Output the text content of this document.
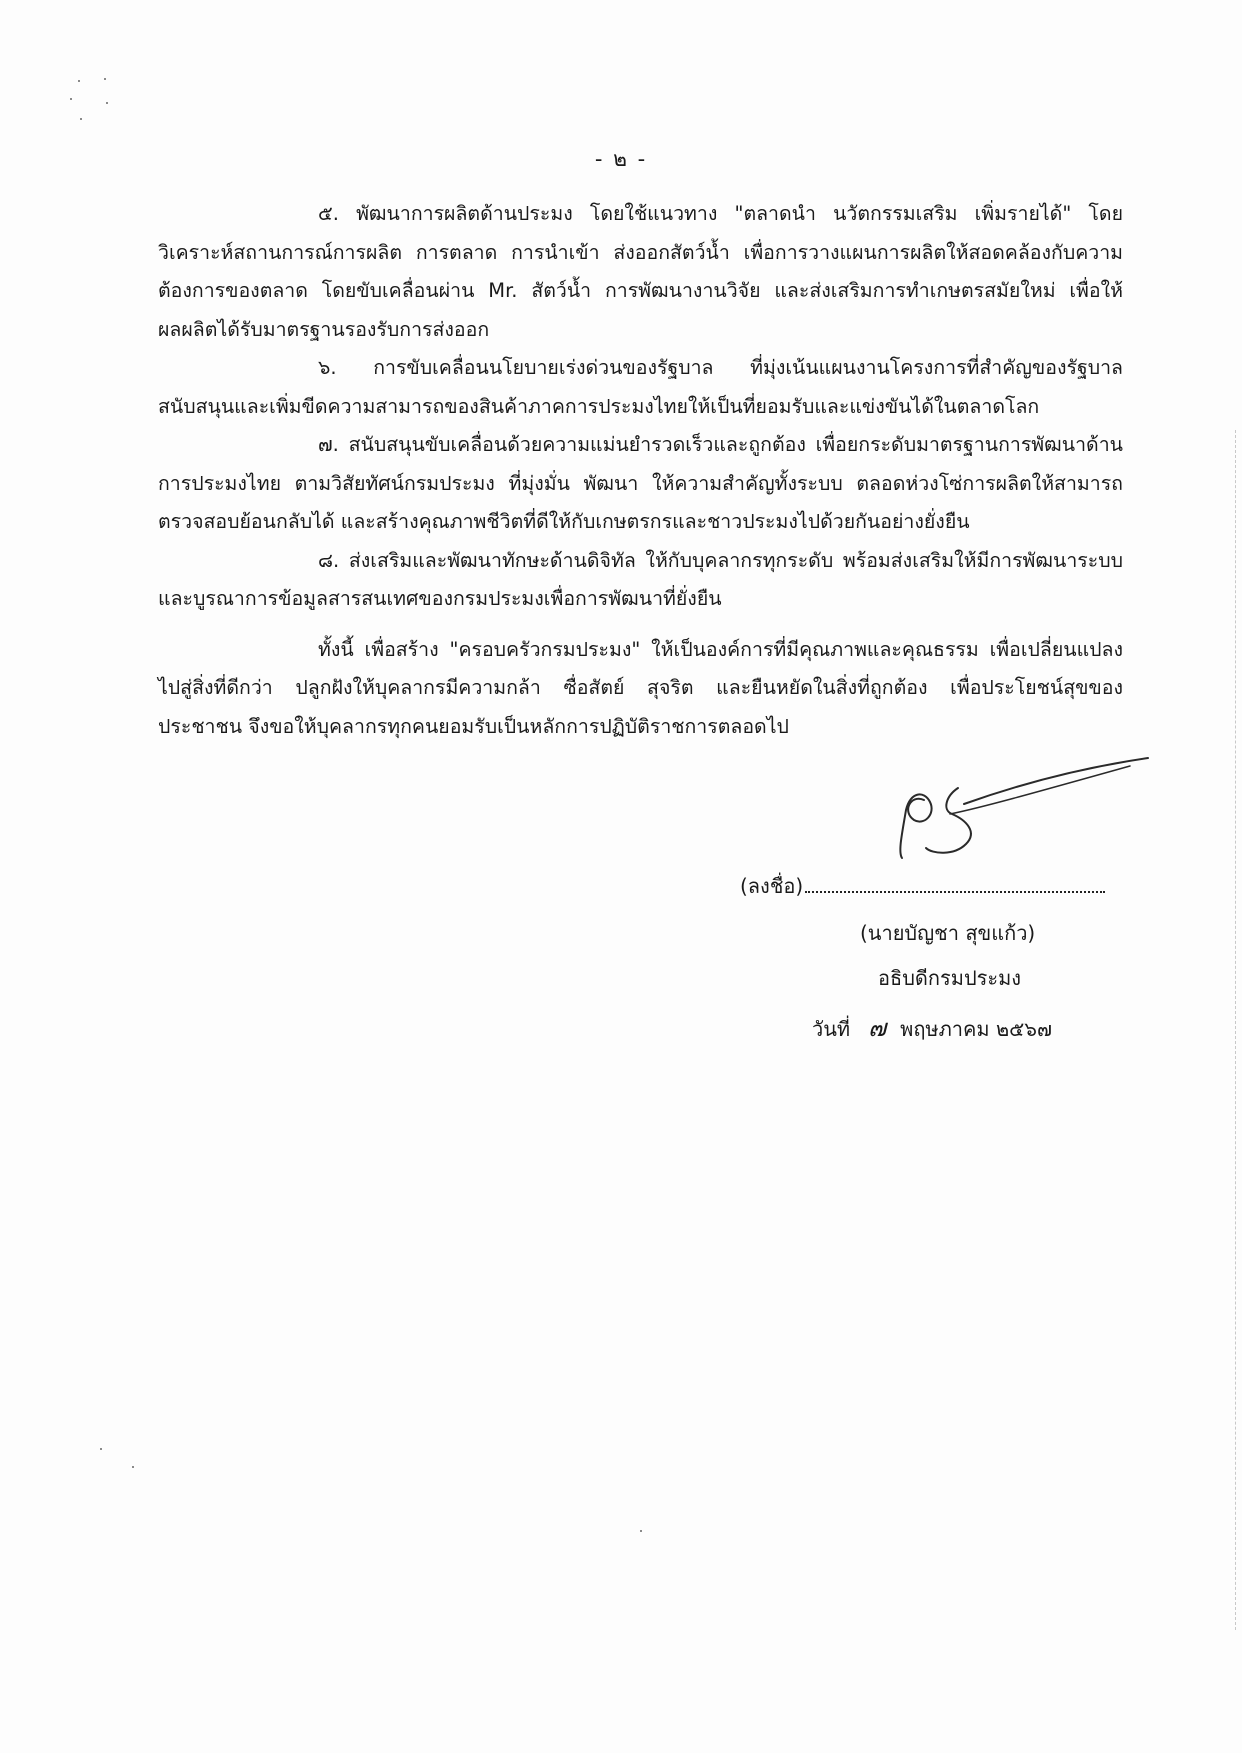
- ๒ -

๕. พัฒนาการผลิตด้านประมง โดยใช้แนวทาง "ตลาดนำ นวัตกรรมเสริม เพิ่มรายได้" โดยวิเคราะห์สถานการณ์การผลิต การตลาด การนำเข้า ส่งออกสัตว์น้ำ เพื่อการวางแผนการผลิตให้สอดคล้องกับความต้องการของตลาด โดยขับเคลื่อนผ่าน Mr. สัตว์น้ำ การพัฒนางานวิจัย และส่งเสริมการทำเกษตรสมัยใหม่ เพื่อให้ผลผลิตได้รับมาตรฐานรองรับการส่งออก

๖. การขับเคลื่อนนโยบายเร่งด่วนของรัฐบาล ที่มุ่งเน้นแผนงานโครงการที่สำคัญของรัฐบาล สนับสนุนและเพิ่มขีดความสามารถของสินค้าภาคการประมงไทยให้เป็นที่ยอมรับและแข่งขันได้ในตลาดโลก

๗. สนับสนุนขับเคลื่อนด้วยความแม่นยำรวดเร็วและถูกต้อง เพื่อยกระดับมาตรฐานการพัฒนาด้านการประมงไทย ตามวิสัยทัศน์กรมประมง ที่มุ่งมั่น พัฒนา ให้ความสำคัญทั้งระบบ ตลอดห่วงโซ่การผลิตให้สามารถตรวจสอบย้อนกลับได้ และสร้างคุณภาพชีวิตที่ดีให้กับเกษตรกรและชาวประมงไปด้วยกันอย่างยั่งยืน

๘. ส่งเสริมและพัฒนาทักษะด้านดิจิทัล ให้กับบุคลากรทุกระดับ พร้อมส่งเสริมให้มีการพัฒนาระบบและบูรณาการข้อมูลสารสนเทศของกรมประมงเพื่อการพัฒนาที่ยั่งยืน

ทั้งนี้ เพื่อสร้าง "ครอบครัวกรมประมง" ให้เป็นองค์การที่มีคุณภาพและคุณธรรม เพื่อเปลี่ยนแปลงไปสู่สิ่งที่ดีกว่า ปลูกฝังให้บุคลากรมีความกล้า ซื่อสัตย์ สุจริต และยืนหยัดในสิ่งที่ถูกต้อง เพื่อประโยชน์สุขของประชาชน จึงขอให้บุคลากรทุกคนยอมรับเป็นหลักการปฏิบัติราชการตลอดไป

(ลงชื่อ)
(นายบัญชา สุขแก้ว)
อธิบดีกรมประมง
วันที่ ๗ พฤษภาคม ๒๕๖๗
